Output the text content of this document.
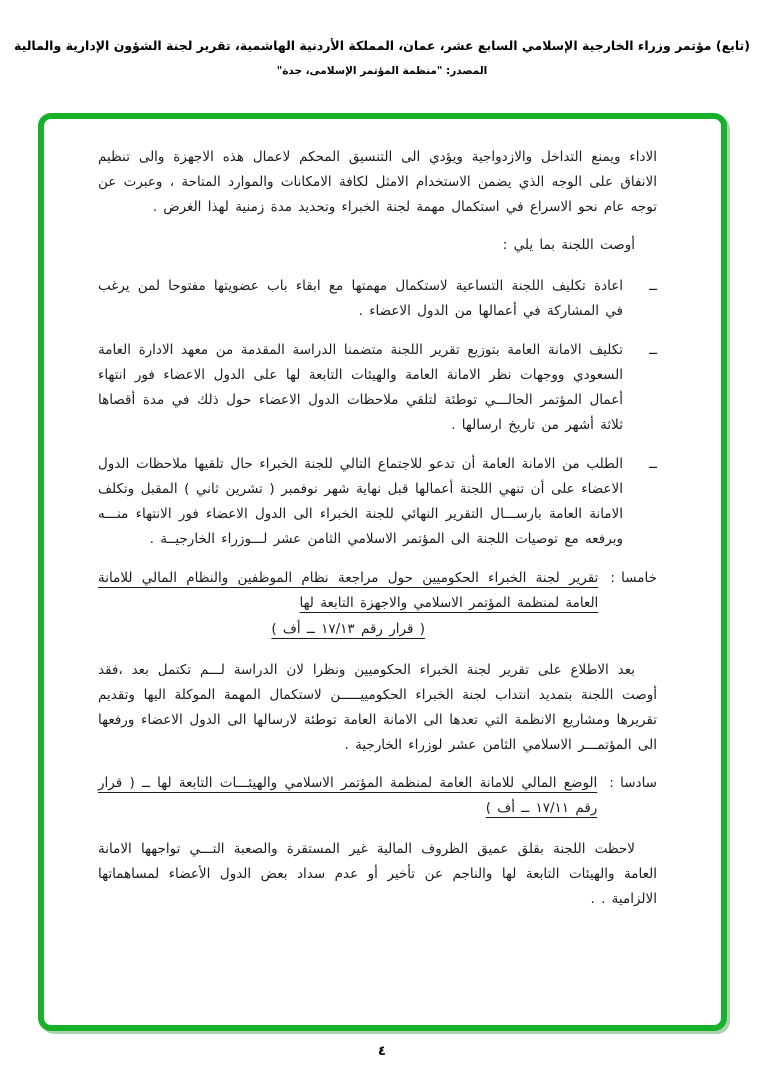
(تابع) مؤتمر وزراء الخارجية الإسلامي السابع عشر، عمان، المملكة الأردنية الهاشمية، تقرير لجنة الشؤون الإدارية والمالية
المصدر: "منظمة المؤتمر الإسلامى، جدة"

الاداء ويمنع التداخل والازدواجية ويؤدي الى التنسيق المحكم لاعمال هذه الاجهزة والى تنظيم الانفاق على الوجه الذي يضمن الاستخدام الامثل لكافة الامكانات والموارد المتاحة ، وعبرت عن توجه عام نحو الاسراع في استكمال مهمة لجنة الخبراء وتحديد مدة زمنية لهذا الغرض .

أوصت اللجنة بما يلي :

ــ

اعادة تكليف اللجنة التساعية لاستكمال مهمتها مع ابقاء باب عضويتها مفتوحا لمن يرغب في المشاركة في أعمالها من الدول الاعضاء .

ــ

تكليف الامانة العامة بتوزيع تقرير اللجنة متضمنا الدراسة المقدمة من معهد الادارة العامة السعودي ووجهات نظر الامانة العامة والهيئات التابعة لها على الدول الاعضاء فور انتهاء أعمال المؤتمر الحالـــي توطئة لتلقي ملاحظات الدول الاعضاء حول ذلك في مدة أقصاها ثلاثة أشهر من تاريخ ارسالها .

ــ

الطلب من الامانة العامة أن تدعو للاجتماع التالي للجنة الخبراء حال تلقيها ملاحظات الدول الاعضاء على أن تنهي اللجنة أعمالها قبل نهاية شهر نوفمبر ( تشرين ثاني ) المقبل وتكلف الامانة العامة بارســـال التقرير النهائي للجنة الخبراء الى الدول الاعضاء فور الانتهاء منـــه وبرفعه مع توصيات اللجنة الى المؤتمر الاسلامي الثامن عشر لـــوزراء الخارجيــة .

خامسا :
تقرير لجنة الخبراء الحكوميين حول مراجعة نظام الموظفين والنظام المالي للامانة العامة لمنظمة المؤتمر الاسلامي والاجهزة التابعة لها
( قرار رقم ١٧/١٣ ــ أف )

بعد الاطلاع على تقرير لجنة الخبراء الحكوميين ونظرا لان الدراسة لـــم تكتمل بعد ،فقد أوصت اللجنة بتمديد انتداب لجنة الخبراء الحكومييـــــن لاستكمال المهمة الموكلة اليها وتقديم تقريرها ومشاريع الانظمة التي تعدها الى الامانة العامة توطئة لارسالها الى الدول الاعضاء ورفعها الى المؤتمـــر الاسلامي الثامن عشر لوزراء الخارجية .

سادسا :
الوضع المالي للامانة العامة لمنظمة المؤتمر الاسلامي والهيئـــات التابعة لها ــ ( قرار رقم ١٧/١١ ــ أف )

لاحظت اللجنة بقلق عميق الظروف المالية غير المستقرة والصعبة التـــي تواجهها الامانة العامة والهيئات التابعة لها والناجم عن تأخير أو عدم سداد بعض الدول الأعضاء لمساهماتها الالزامية . .

٤
